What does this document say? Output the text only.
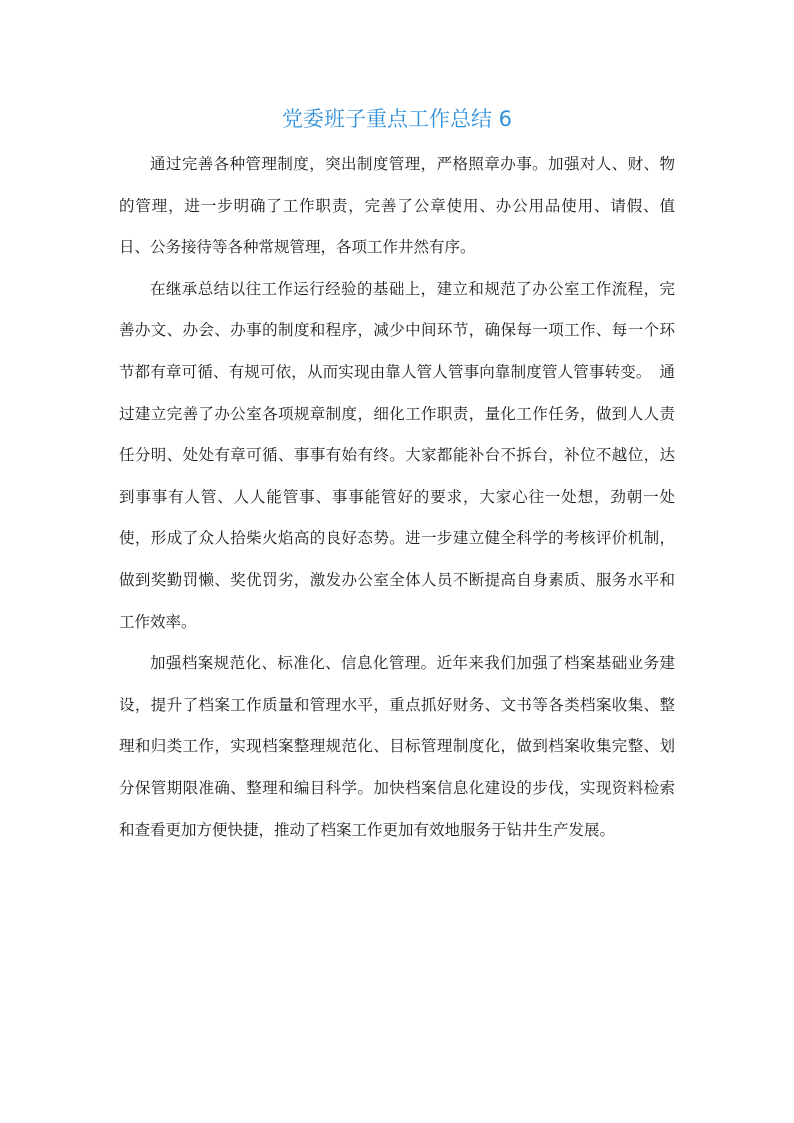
党委班子重点工作总结 6

通过完善各种管理制度，突出制度管理，严格照章办事。加强对人、财、物的管理，进一步明确了工作职责，完善了公章使用、办公用品使用、请假、值日、公务接待等各种常规管理，各项工作井然有序。

在继承总结以往工作运行经验的基础上，建立和规范了办公室工作流程，完善办文、办会、办事的制度和程序，减少中间环节，确保每一项工作、每一个环节都有章可循、有规可依，从而实现由靠人管人管事向靠制度管人管事转变。　通过建立完善了办公室各项规章制度，细化工作职责，量化工作任务，做到人人责任分明、处处有章可循、事事有始有终。大家都能补台不拆台，补位不越位，达到事事有人管、人人能管事、事事能管好的要求，大家心往一处想，劲朝一处使，形成了众人拾柴火焰高的良好态势。进一步建立健全科学的考核评价机制，做到奖勤罚懒、奖优罚劣，激发办公室全体人员不断提高自身素质、服务水平和工作效率。

加强档案规范化、标准化、信息化管理。近年来我们加强了档案基础业务建设，提升了档案工作质量和管理水平，重点抓好财务、文书等各类档案收集、整理和归类工作，实现档案整理规范化、目标管理制度化，做到档案收集完整、划分保管期限准确、整理和编目科学。加快档案信息化建设的步伐，实现资料检索和查看更加方便快捷，推动了档案工作更加有效地服务于钻井生产发展。
